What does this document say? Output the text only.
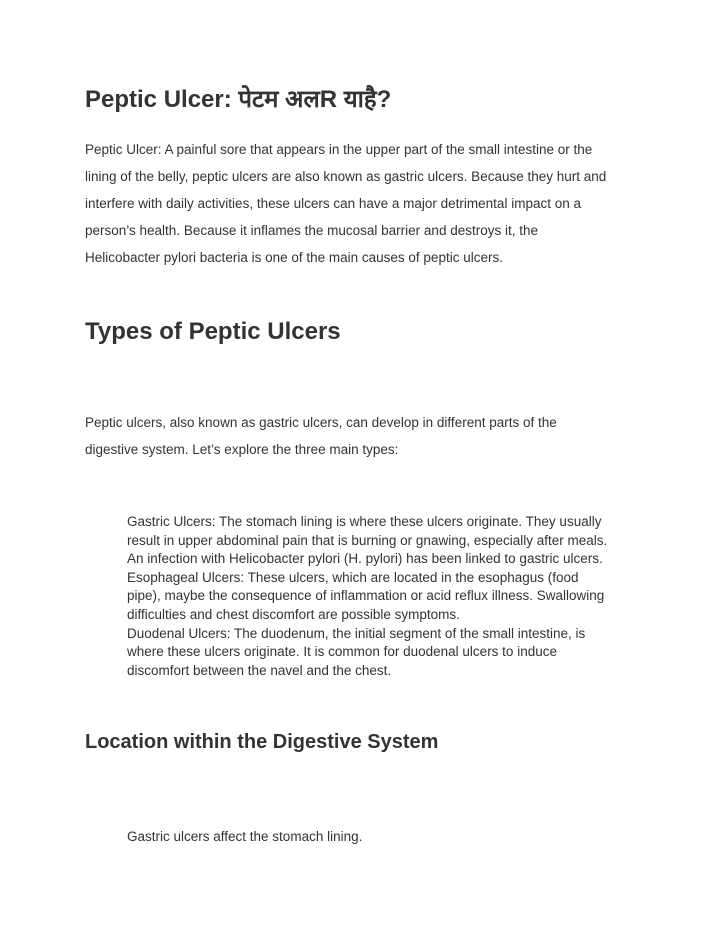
Peptic Ulcer: पेटम अलR याहै?
Peptic Ulcer: A painful sore that appears in the upper part of the small intestine or the
lining of the belly, peptic ulcers are also known as gastric ulcers. Because they hurt and
interfere with daily activities, these ulcers can have a major detrimental impact on a
person’s health. Because it inflames the mucosal barrier and destroys it, the
Helicobacter pylori bacteria is one of the main causes of peptic ulcers.
Types of Peptic Ulcers
Peptic ulcers, also known as gastric ulcers, can develop in different parts of the
digestive system. Let’s explore the three main types:
Gastric Ulcers: The stomach lining is where these ulcers originate. They usually
result in upper abdominal pain that is burning or gnawing, especially after meals.
An infection with Helicobacter pylori (H. pylori) has been linked to gastric ulcers.
Esophageal Ulcers: These ulcers, which are located in the esophagus (food
pipe), maybe the consequence of inflammation or acid reflux illness. Swallowing
difficulties and chest discomfort are possible symptoms.
Duodenal Ulcers: The duodenum, the initial segment of the small intestine, is
where these ulcers originate. It is common for duodenal ulcers to induce
discomfort between the navel and the chest.
Location within the Digestive System
Gastric ulcers affect the stomach lining.
